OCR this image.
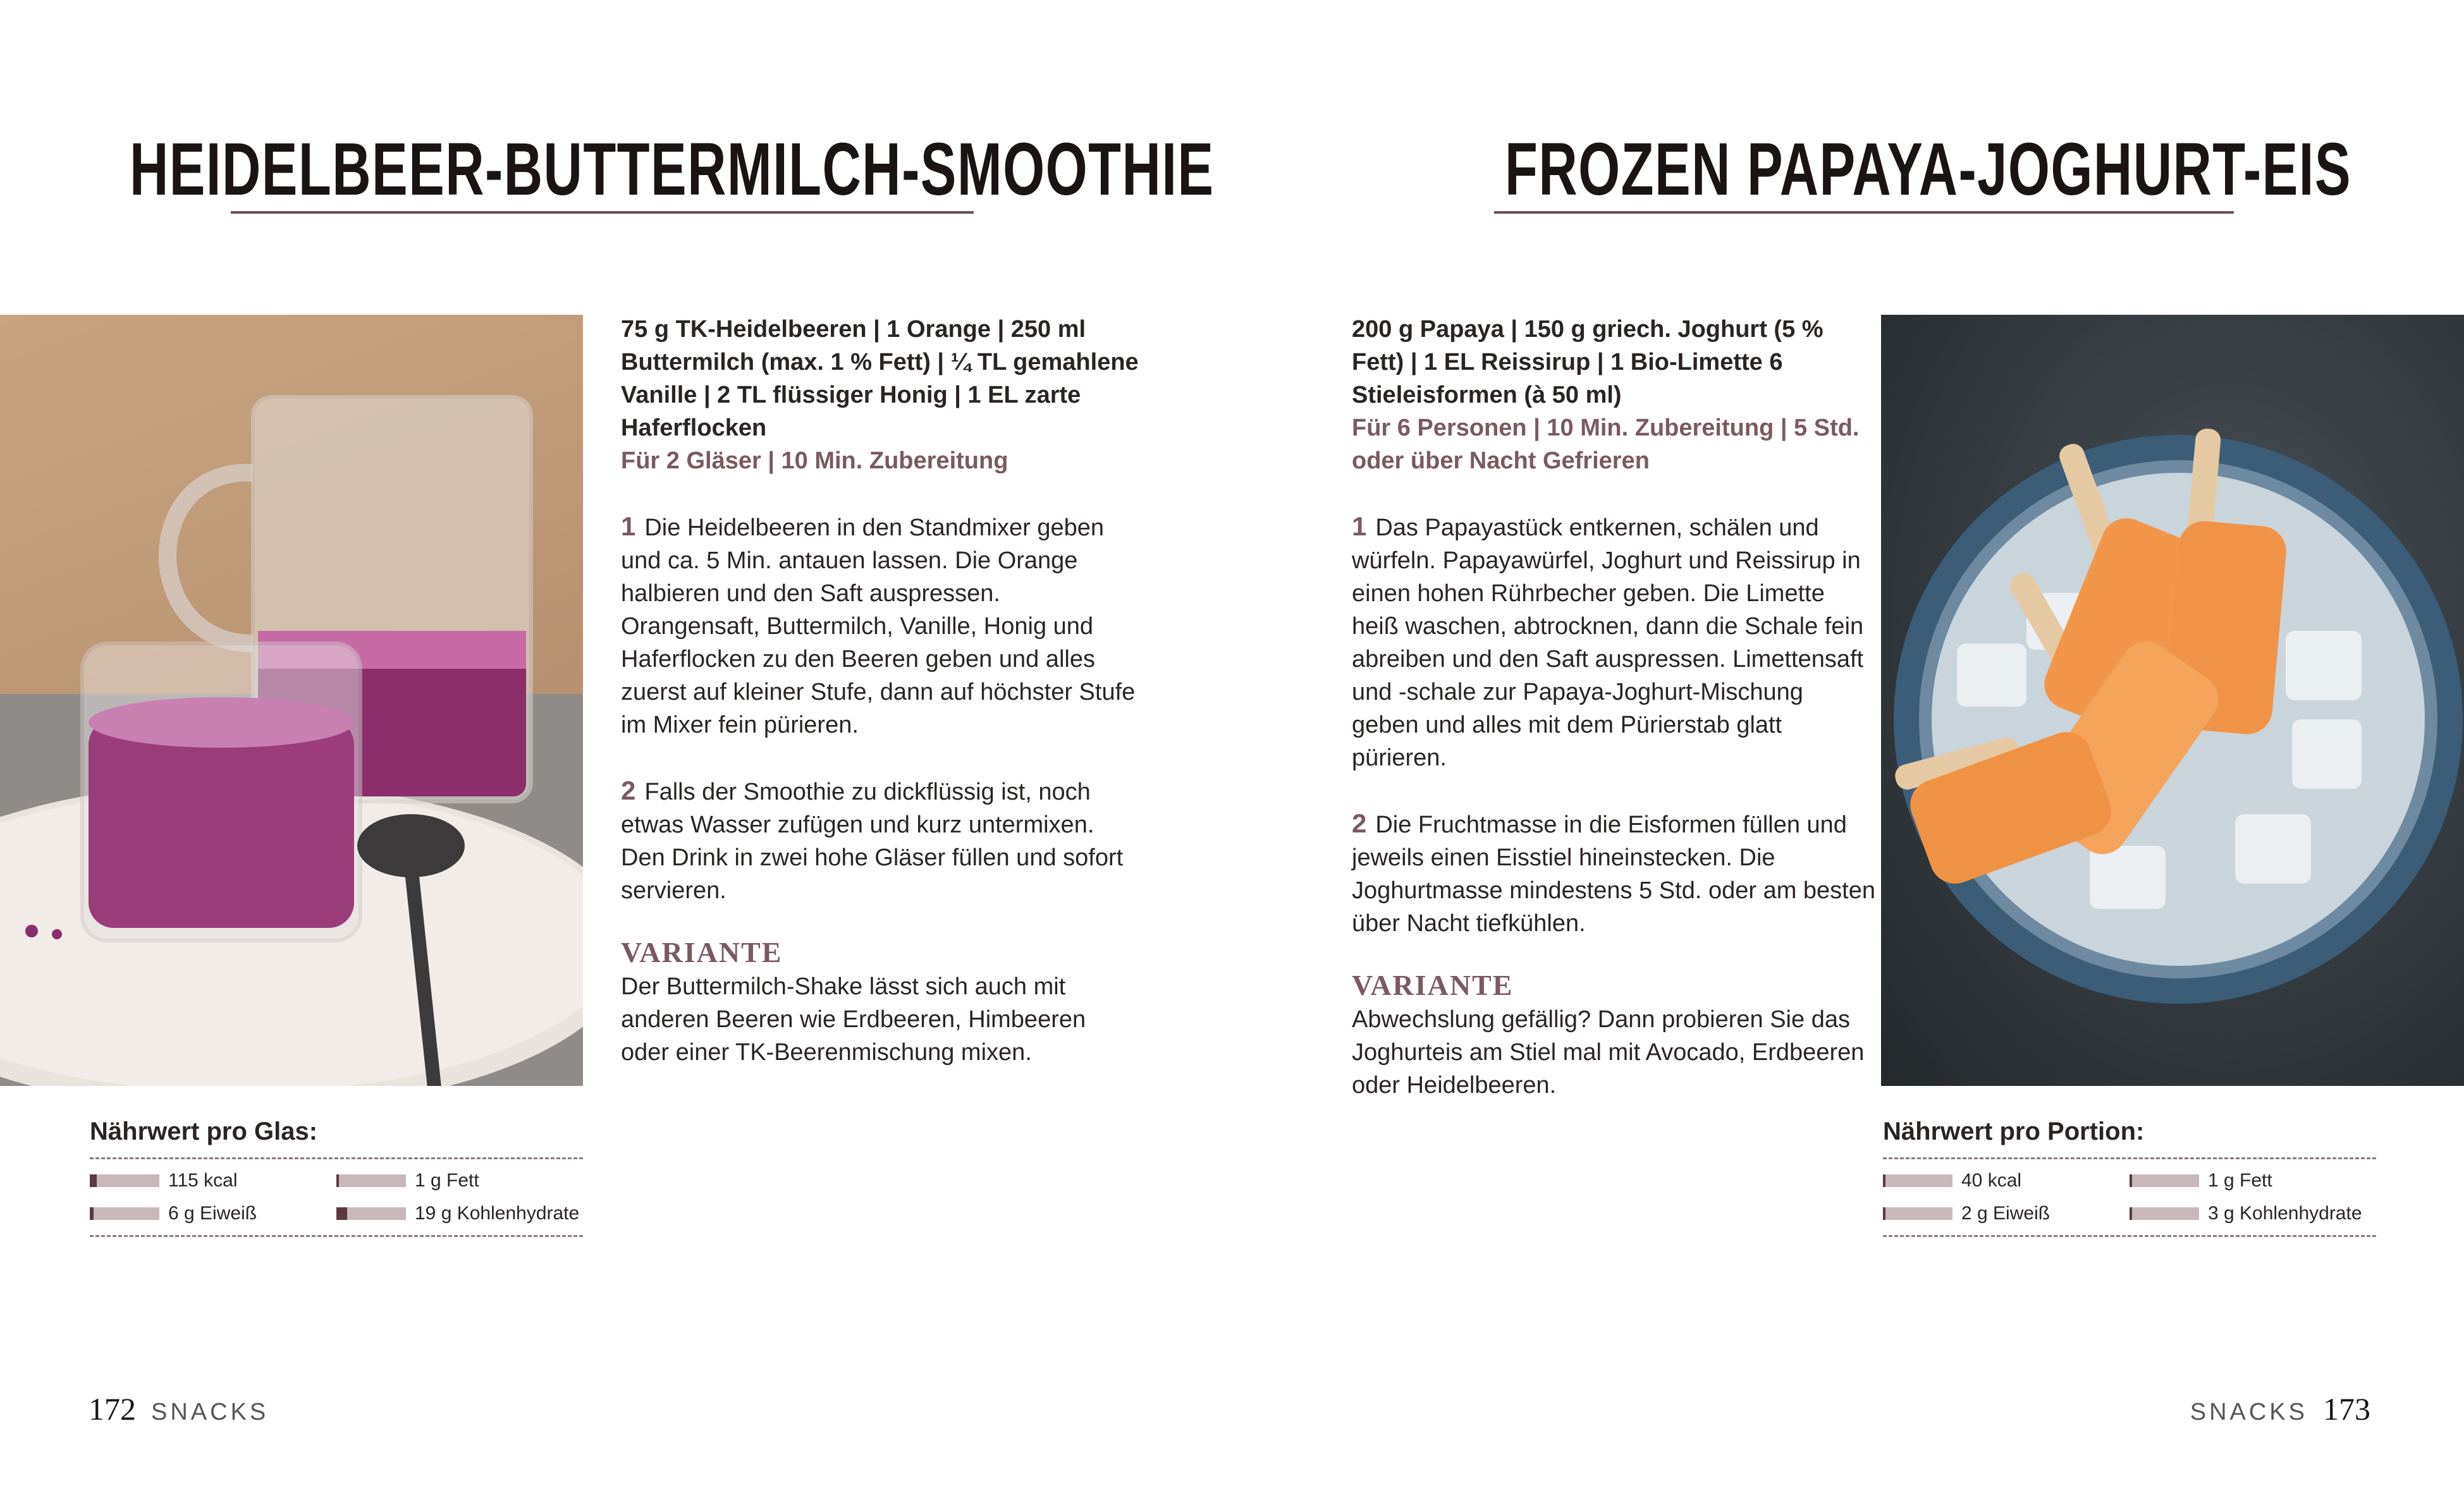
HEIDELBEER-BUTTERMILCH-SMOOTHIE	FROZEN PAPAYA-JOGHURT-EIS
75 g TK-Heidelbeeren | 1 Orange | 250 ml Buttermilch (max. 1 % Fett) | ¼ TL gemahlene Vanille | 2 TL flüssiger Honig | 1 EL zarte Haferflocken
Für 2 Gläser | 10 Min. Zubereitung
1 Die Heidelbeeren in den Standmixer geben und ca. 5 Min. antauen lassen. Die Orange halbieren und den Saft auspressen. Orangensaft, Buttermilch, Vanille, Honig und Haferflocken zu den Beeren geben und alles zuerst auf kleiner Stufe, dann auf höchster Stufe im Mixer fein pürieren.
2 Falls der Smoothie zu dickflüssig ist, noch etwas Wasser zufügen und kurz untermixen. Den Drink in zwei hohe Gläser füllen und sofort servieren.
VARIANTE
Der Buttermilch-Shake lässt sich auch mit anderen Beeren wie Erdbeeren, Himbeeren oder einer TK-Beerenmischung mixen.
200 g Papaya | 150 g griech. Joghurt (5 % Fett) | 1 EL Reissirup | 1 Bio-Limette 6 Stieleisformen (à 50 ml)
Für 6 Personen | 10 Min. Zubereitung | 5 Std. oder über Nacht Gefrieren
1 Das Papayastück entkernen, schälen und würfeln. Papayawürfel, Joghurt und Reissirup in einen hohen Rührbecher geben. Die Limette heiß waschen, abtrocknen, dann die Schale fein abreiben und den Saft auspressen. Limettensaft und -schale zur Papaya-Joghurt-Mischung geben und alles mit dem Pürierstab glatt pürieren.
2 Die Fruchtmasse in die Eisformen füllen und jeweils einen Eisstiel hineinstecken. Die Joghurtmasse mindestens 5 Std. oder am besten über Nacht tiefkühlen.
VARIANTE
Abwechslung gefällig? Dann probieren Sie das Joghurteis am Stiel mal mit Avocado, Erdbeeren oder Heidelbeeren.
Nährwert pro Glas:
115 kcal	1 g Fett
6 g Eiweiß	19 g Kohlenhydrate
Nährwert pro Portion:
40 kcal	1 g Fett
2 g Eiweiß	3 g Kohlenhydrate
172 SNACKS	SNACKS 173
